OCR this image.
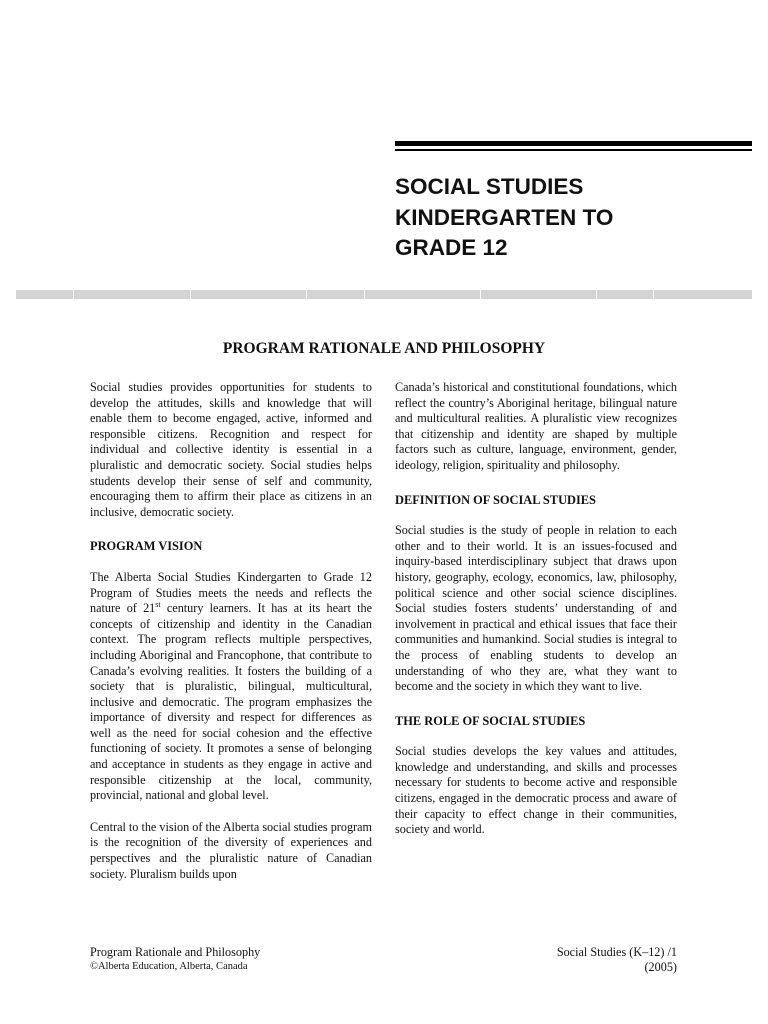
SOCIAL STUDIES
KINDERGARTEN TO
GRADE 12
PROGRAM RATIONALE AND PHILOSOPHY

Social studies provides opportunities for students to develop the attitudes, skills and knowledge that will enable them to become engaged, active, informed and responsible citizens. Recognition and respect for individual and collective identity is essential in a pluralistic and democratic society. Social studies helps students develop their sense of self and community, encouraging them to affirm their place as citizens in an inclusive, democratic society.

PROGRAM VISION

The Alberta Social Studies Kindergarten to Grade 12 Program of Studies meets the needs and reflects the nature of 21st century learners. It has at its heart the concepts of citizenship and identity in the Canadian context. The program reflects multiple perspectives, including Aboriginal and Francophone, that contribute to Canada’s evolving realities. It fosters the building of a society that is pluralistic, bilingual, multicultural, inclusive and democratic. The program emphasizes the importance of diversity and respect for differences as well as the need for social cohesion and the effective functioning of society. It promotes a sense of belonging and acceptance in students as they engage in active and responsible citizenship at the local, community, provincial, national and global level.

Central to the vision of the Alberta social studies program is the recognition of the diversity of experiences and perspectives and the pluralistic nature of Canadian society. Pluralism builds upon

Canada’s historical and constitutional foundations, which reflect the country’s Aboriginal heritage, bilingual nature and multicultural realities. A pluralistic view recognizes that citizenship and identity are shaped by multiple factors such as culture, language, environment, gender, ideology, religion, spirituality and philosophy.

DEFINITION OF SOCIAL STUDIES

Social studies is the study of people in relation to each other and to their world. It is an issues-focused and inquiry-based interdisciplinary subject that draws upon history, geography, ecology, economics, law, philosophy, political science and other social science disciplines. Social studies fosters students’ understanding of and involvement in practical and ethical issues that face their communities and humankind. Social studies is integral to the process of enabling students to develop an understanding of who they are, what they want to become and the society in which they want to live.

THE ROLE OF SOCIAL STUDIES

Social studies develops the key values and attitudes, knowledge and understanding, and skills and processes necessary for students to become active and responsible citizens, engaged in the democratic process and aware of their capacity to effect change in their communities, society and world.

Program Rationale and Philosophy
©Alberta Education, Alberta, Canada
Social Studies (K–12) /1
(2005)
